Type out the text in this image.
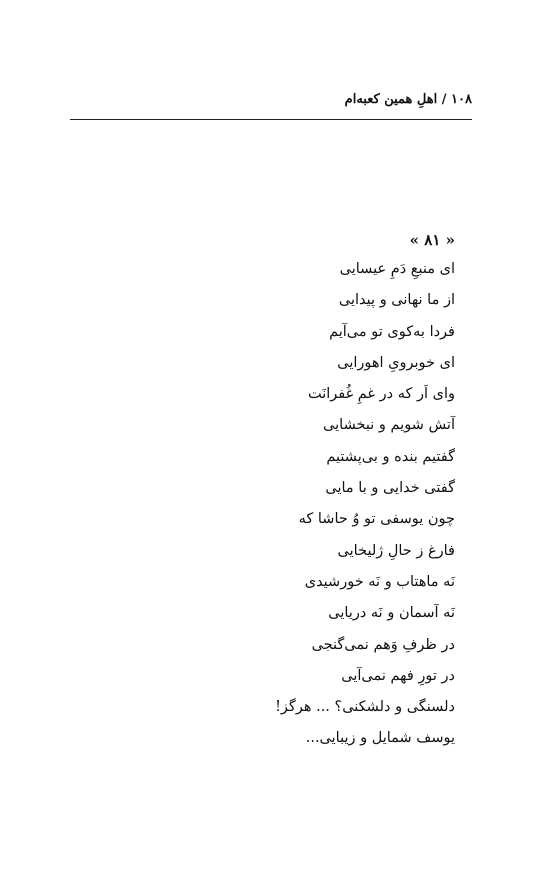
۱۰۸ / اهلِ همین کعبه‌ام
« ۸۱ »
ای منبعِ دَمِ عیسایی
از ما نهانی و پیدایی
فردا به‌کوی تو می‌آیم
ای خوبرویِ اهورایی
وای اَر که در غمِ غُفرانَت
آتش شویم و نبخشایی
گفتیم بنده و بی‌پشتیم
گفتی خدایی و با مایی
چون یوسفی تو وُ حاشا که
فارغ ز حالِ ژلیخایی
نَه ماهتاب و نَه خورشیدی
نَه آسمان و نَه دریایی
در ظرفِ وَهم نمی‌گنجی
در تورِ فهم نمی‌آیی
دلسنگی و دلشکنی؟ ... هرگز!
یوسف شمایل و زیبایی...
